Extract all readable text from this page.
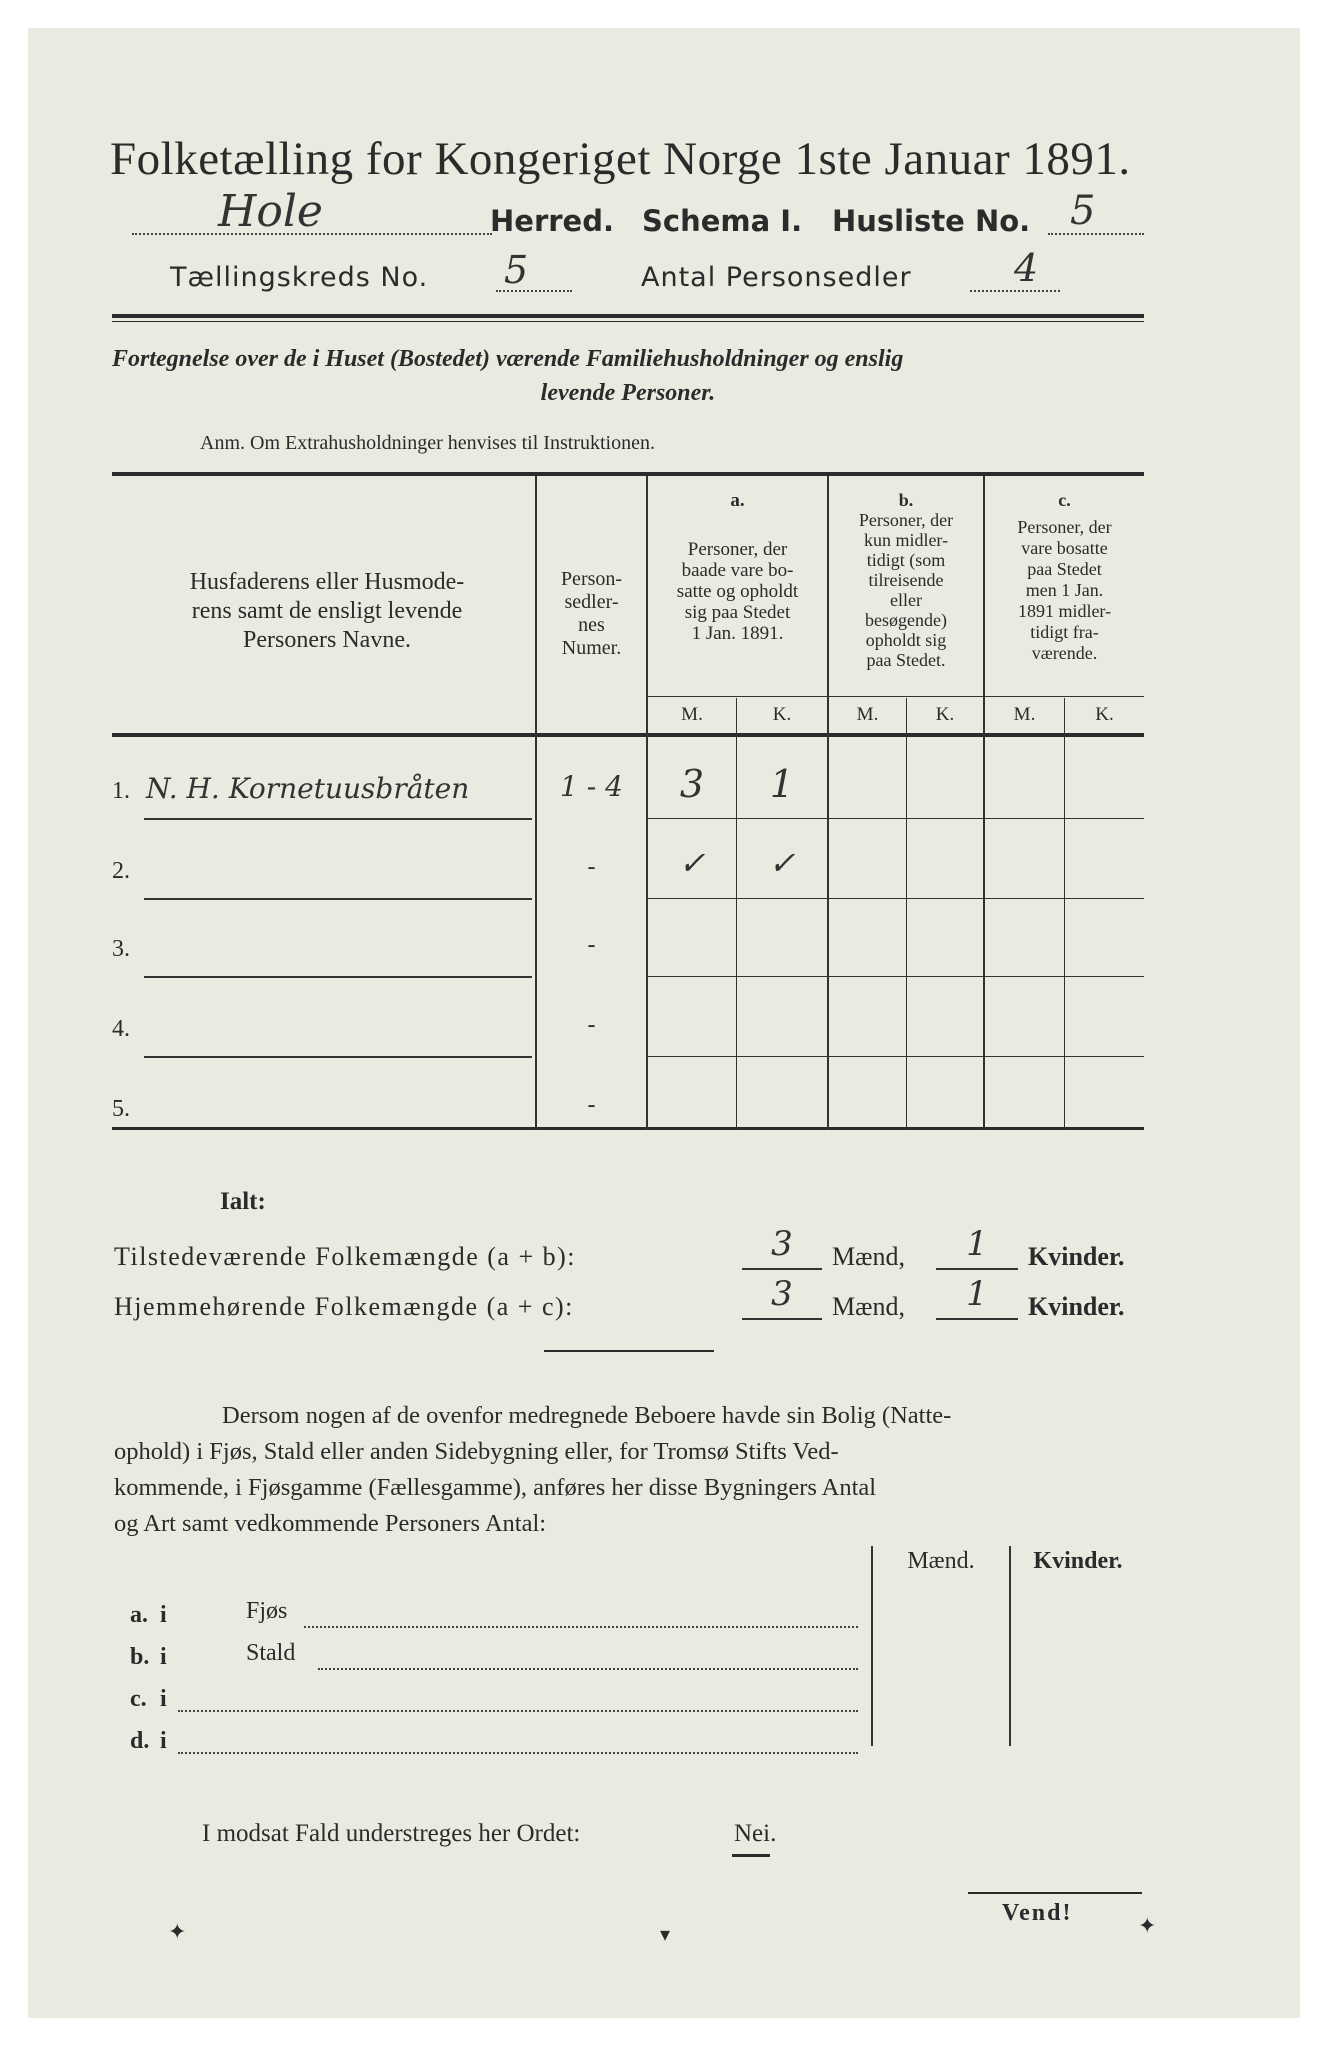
Folketælling for Kongeriget Norge 1ste Januar 1891.
Hole	Herred. Schema I. Husliste No. 5
Tællingskreds No. 5	Antal Personsedler	4
Fortegnelse over de i Huset (Bostedet) værende Familiehusholdninger og enslig
levende Personer.
Anm. Om Extrahusholdninger henvises til Instruktionen.
Husfaderens eller Husmode-
rens samt de ensligt levende
Personers Navne.
Person-
sedler-
nes
Numer.
a.
Personer, der
baade vare bo-
satte og opholdt
sig paa Stedet
1 Jan. 1891.
b.
Personer, der
kun midler-
tidigt (som
tilreisende
eller
besøgende)
opholdt sig
paa Stedet.
c.
Personer, der
vare bosatte
paa Stedet
men 1 Jan.
1891 midler-
tidigt fra-
værende.
M.	K.	M.	K.	M.	K.
1. N. H. Kornetuusbråten	1 - 4	3	1
2.	-	✓	✓
3.	-
4.	-
5.	-
Ialt:
Tilstedeværende Folkemængde (a + b):	3	Mænd,	1	Kvinder.
Hjemmehørende Folkemængde (a + c):	3	Mænd,	1	Kvinder.
Dersom nogen af de ovenfor medregnede Beboere havde sin Bolig (Natte-
ophold) i Fjøs, Stald eller anden Sidebygning eller, for Tromsø Stifts Ved-
kommende, i Fjøsgamme (Fællesgamme), anføres her disse Bygningers Antal
og Art samt vedkommende Personers Antal:
Mænd.	Kvinder.
a. i	Fjøs
b. i	Stald
c. i
d. i
I modsat Fald understreges her Ordet:	Nei.
Vend!
✦	▾	✦
